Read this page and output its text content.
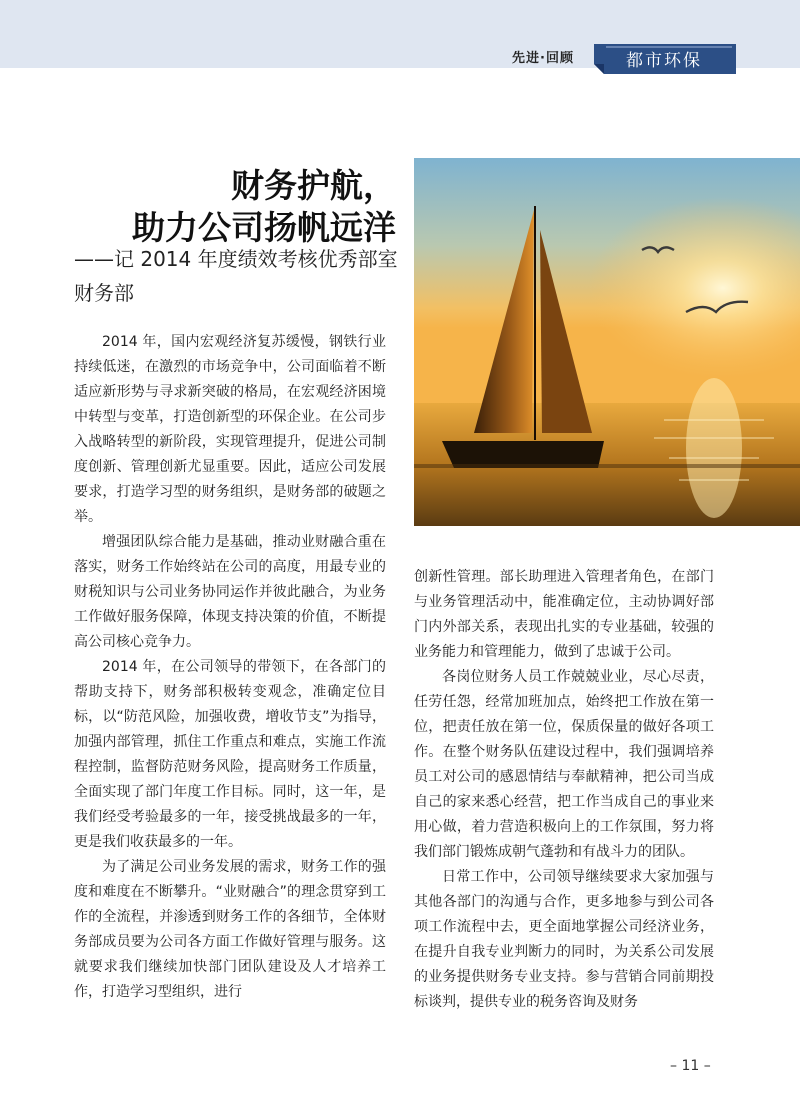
先进·回顾	都市环保
财务护航，
助力公司扬帆远洋
——记 2014 年度绩效考核优秀部室财务部

2014 年，国内宏观经济复苏缓慢，钢铁行业持续低迷，在激烈的市场竞争中，公司面临着不断适应新形势与寻求新突破的格局，在宏观经济困境中转型与变革，打造创新型的环保企业。在公司步入战略转型的新阶段，实现管理提升，促进公司制度创新、管理创新尤显重要。因此，适应公司发展要求，打造学习型的财务组织，是财务部的破题之举。

增强团队综合能力是基础，推动业财融合重在落实，财务工作始终站在公司的高度，用最专业的财税知识与公司业务协同运作并彼此融合，为业务工作做好服务保障，体现支持决策的价值，不断提高公司核心竞争力。

2014 年，在公司领导的带领下，在各部门的帮助支持下，财务部积极转变观念，准确定位目标，以“防范风险，加强收费，增收节支”为指导，加强内部管理，抓住工作重点和难点，实施工作流程控制，监督防范财务风险，提高财务工作质量，全面实现了部门年度工作目标。同时，这一年，是我们经受考验最多的一年，接受挑战最多的一年，更是我们收获最多的一年。

为了满足公司业务发展的需求，财务工作的强度和难度在不断攀升。“业财融合”的理念贯穿到工作的全流程，并渗透到财务工作的各细节，全体财务部成员要为公司各方面工作做好管理与服务。这就要求我们继续加快部门团队建设及人才培养工作，打造学习型组织，进行

创新性管理。部长助理进入管理者角色，在部门与业务管理活动中，能准确定位，主动协调好部门内外部关系，表现出扎实的专业基础，较强的业务能力和管理能力，做到了忠诚于公司。

各岗位财务人员工作兢兢业业，尽心尽责，任劳任怨，经常加班加点，始终把工作放在第一位，把责任放在第一位，保质保量的做好各项工作。在整个财务队伍建设过程中，我们强调培养员工对公司的感恩情结与奉献精神，把公司当成自己的家来悉心经营，把工作当成自己的事业来用心做，着力营造积极向上的工作氛围，努力将我们部门锻炼成朝气蓬勃和有战斗力的团队。

日常工作中，公司领导继续要求大家加强与其他各部门的沟通与合作，更多地参与到公司各项工作流程中去，更全面地掌握公司经济业务，在提升自我专业判断力的同时，为关系公司发展的业务提供财务专业支持。参与营销合同前期投标谈判，提供专业的税务咨询及财务

– 11 –
